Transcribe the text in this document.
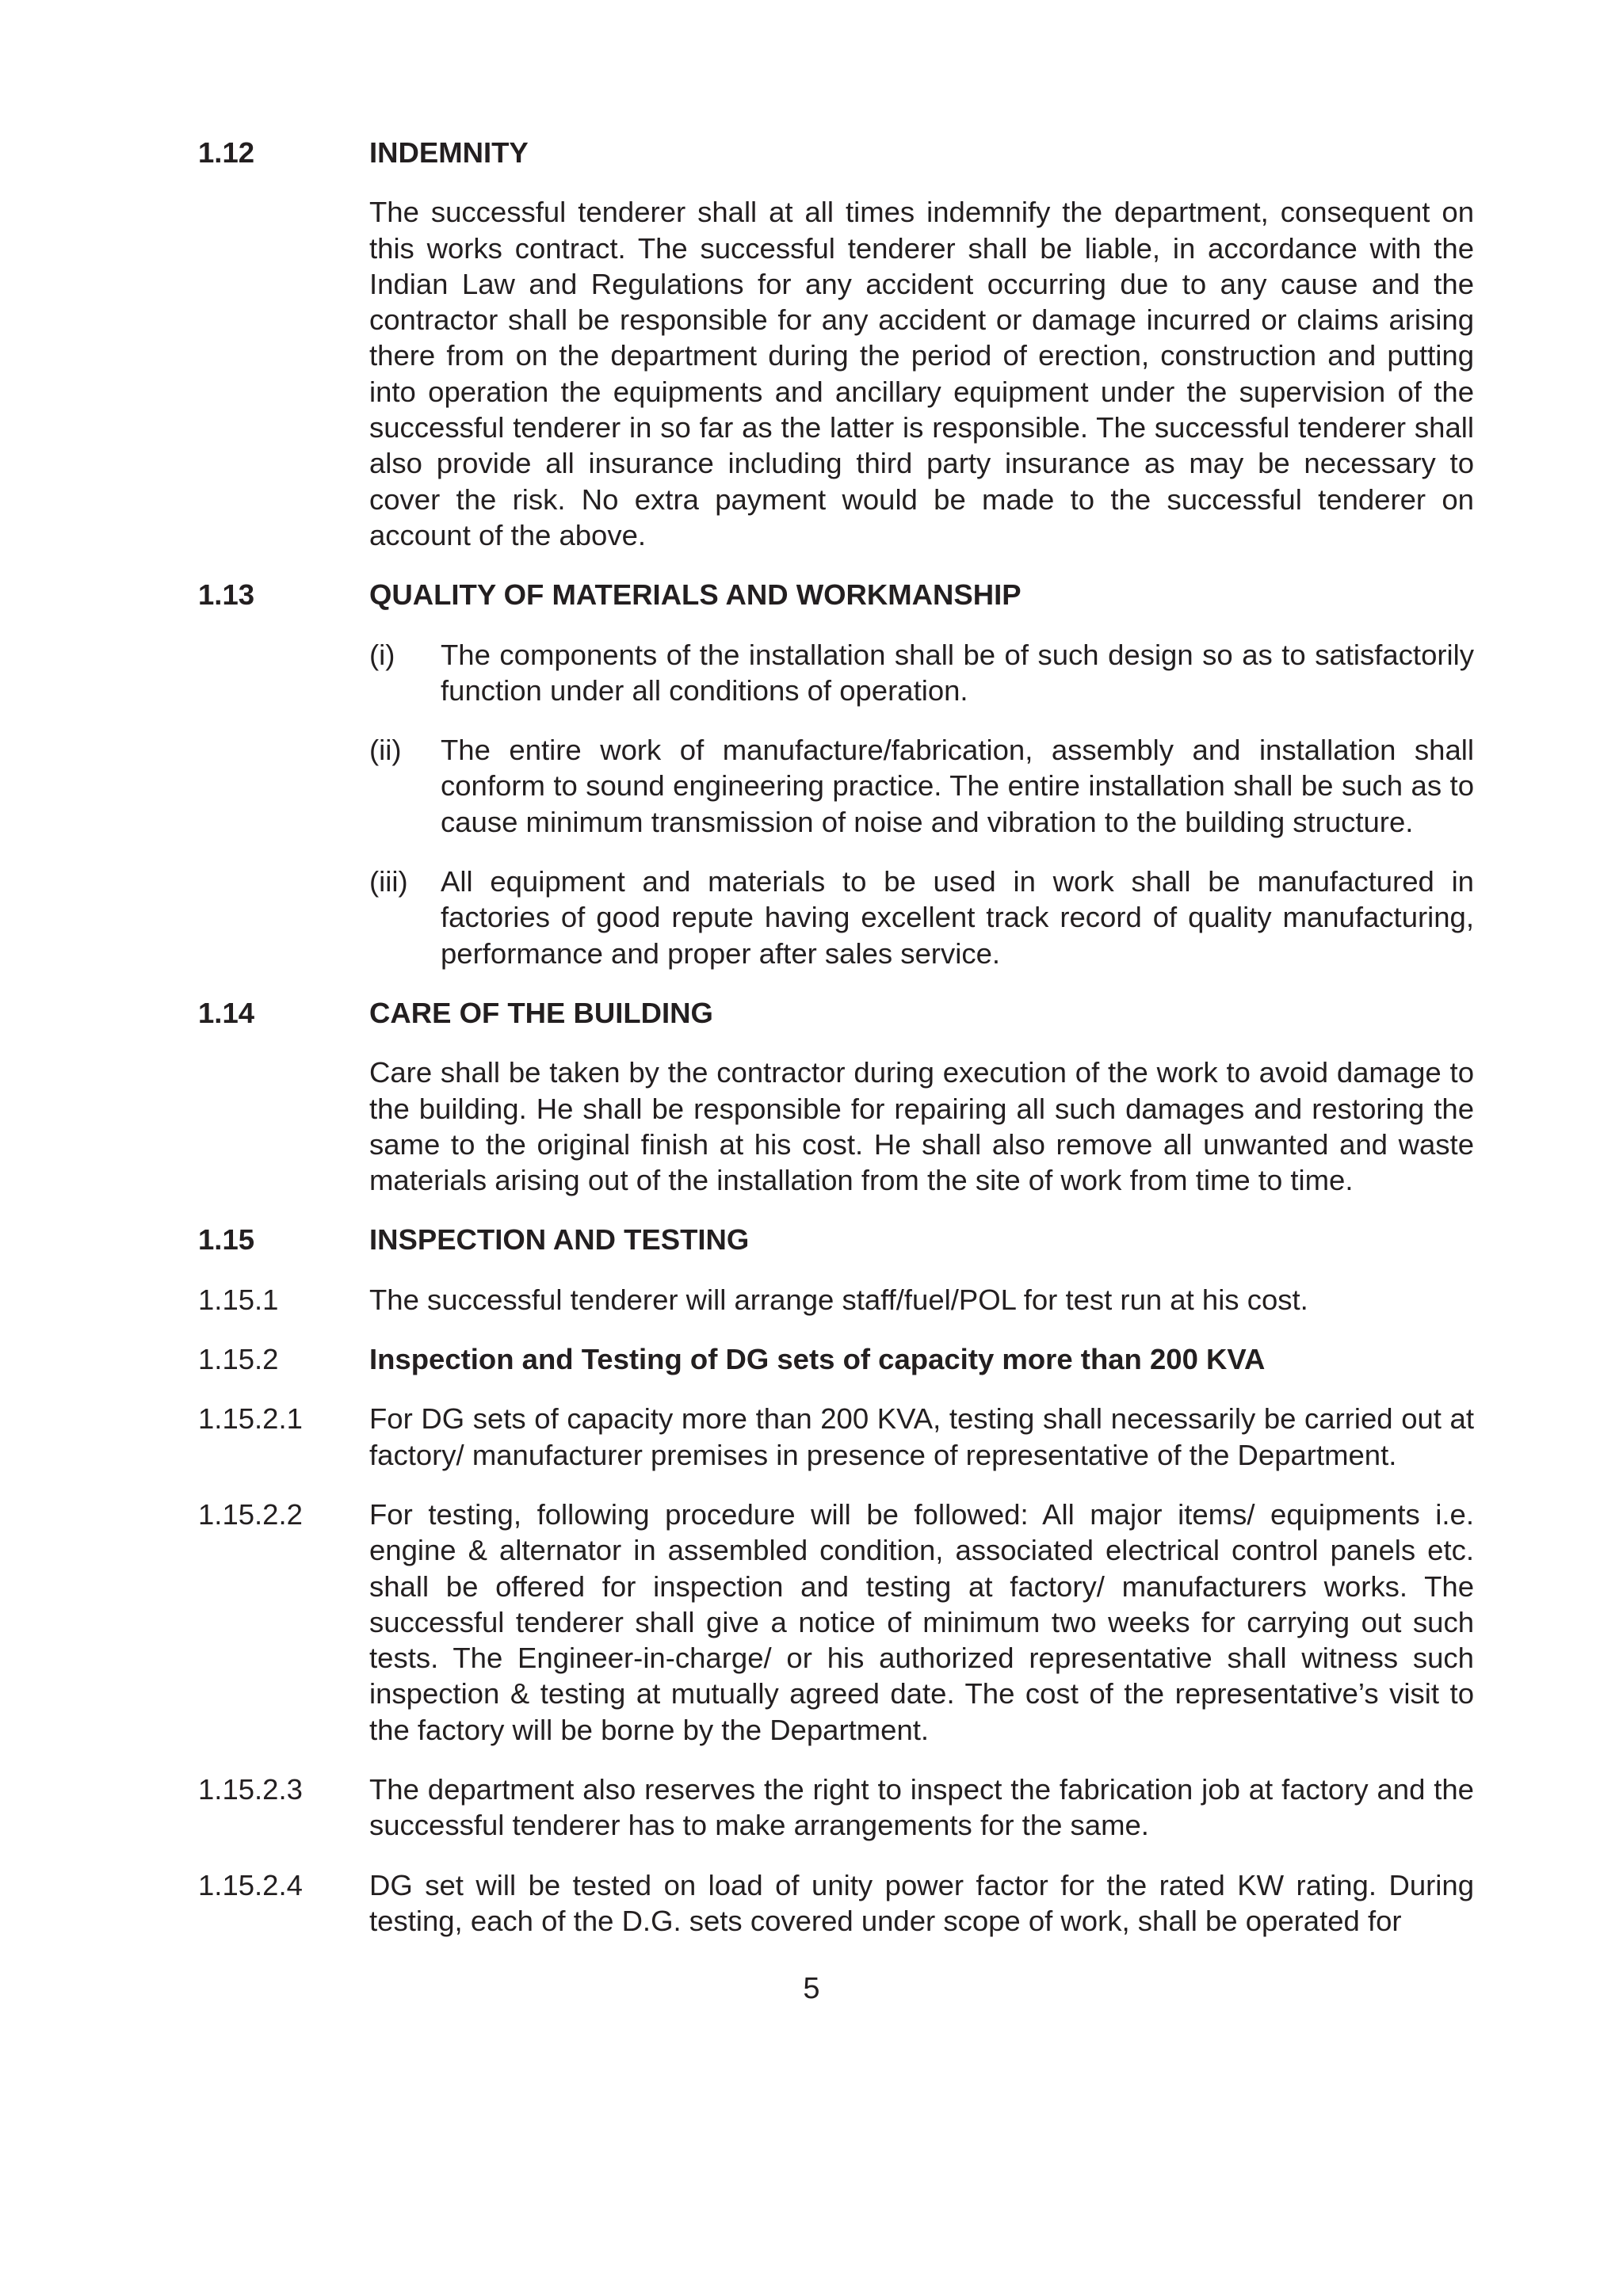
1.12	INDEMNITY
The successful tenderer shall at all times indemnify the department, consequent on this works contract. The successful tenderer shall be liable, in accordance with the Indian Law and Regulations for any accident occurring due to any cause and the contractor shall be responsible for any accident or damage incurred or claims arising there from on the department during the period of erection, construction and putting into operation the equipments and ancillary equipment under the supervision of the successful tenderer in so far as the latter is responsible. The successful tenderer shall also provide all insurance including third party insurance as may be necessary to cover the risk. No extra payment would be made to the successful tenderer on account of the above.
1.13	QUALITY OF MATERIALS AND WORKMANSHIP
(i)	The components of the installation shall be of such design so as to satisfactorily function under all conditions of operation.
(ii)	The entire work of manufacture/fabrication, assembly and installation shall conform to sound engineering practice. The entire installation shall be such as to cause minimum transmission of noise and vibration to the building structure.
(iii)	All equipment and materials to be used in work shall be manufactured in factories of good repute having excellent track record of quality manufacturing, performance and proper after sales service.
1.14	CARE OF THE BUILDING
Care shall be taken by the contractor during execution of the work to avoid damage to the building. He shall be responsible for repairing all such damages and restoring the same to the original finish at his cost. He shall also remove all unwanted and waste materials arising out of the installation from the site of work from time to time.
1.15	INSPECTION AND TESTING
1.15.1	The successful tenderer will arrange staff/fuel/POL for test run at his cost.
1.15.2	Inspection and Testing of DG sets of capacity more than 200 KVA
1.15.2.1	For DG sets of capacity more than 200 KVA, testing shall necessarily be carried out at factory/ manufacturer premises in presence of representative of the Department.
1.15.2.2	For testing, following procedure will be followed: All major items/ equipments i.e. engine & alternator in assembled condition, associated electrical control panels etc. shall be offered for inspection and testing at factory/ manufacturers works. The successful tenderer shall give a notice of minimum two weeks for carrying out such tests. The Engineer-in-charge/ or his authorized representative shall witness such inspection & testing at mutually agreed date. The cost of the representative’s visit to the factory will be borne by the Department.
1.15.2.3	The department also reserves the right to inspect the fabrication job at factory and the successful tenderer has to make arrangements for the same.
1.15.2.4	DG set will be tested on load of unity power factor for the rated KW rating. During testing, each of the D.G. sets covered under scope of work, shall be operated for
5
